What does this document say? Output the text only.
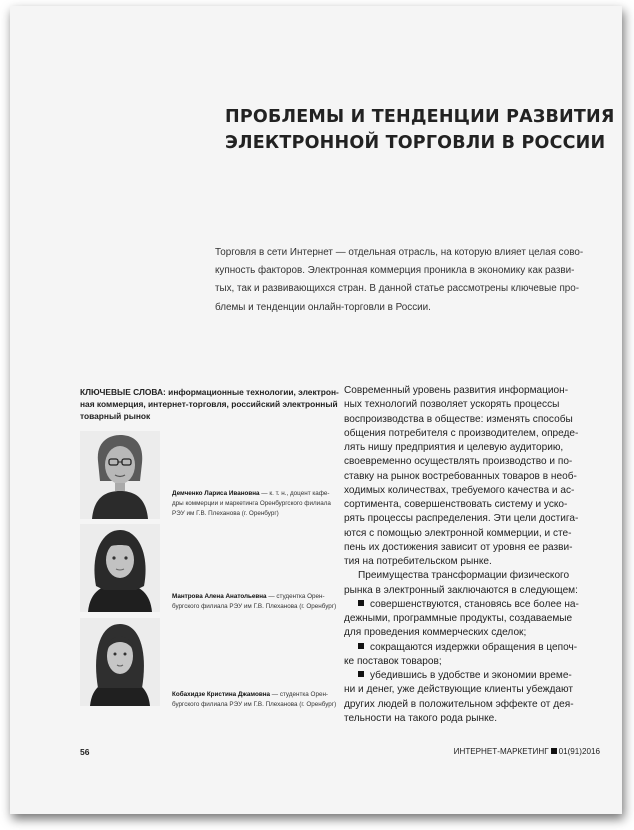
ПРОБЛЕМЫ И ТЕНДЕНЦИИ РАЗВИТИЯ
ЭЛЕКТРОННОЙ ТОРГОВЛИ В РОССИИ
Торговля в сети Интернет — отдельная отрасль, на которую влияет целая сово-
купность факторов. Электронная коммерция проникла в экономику как разви-
тых, так и развивающихся стран. В данной статье рассмотрены ключевые про-
блемы и тенденции онлайн-торговли в России.
КЛЮЧЕВЫЕ СЛОВА: информационные технологии, электрон-
ная коммерция, интернет-торговля, российский электронный
товарный рынок
Демченко Лариса Ивановна — к. т. н., доцент кафе-
дры коммерции и маркетинга Оренбургского филиала
РЭУ им Г.В. Плеханова (г. Оренбург)
Мантрова Алена Анатольевна — студентка Орен-
бургского филиала РЭУ им Г.В. Плеханова (г. Оренбург)
Кобахидзе Кристина Джамовна — студентка Орен-
бургского филиала РЭУ им Г.В. Плеханова (г. Оренбург)
Современный уровень развития информацион-
ных технологий позволяет ускорять процессы
воспроизводства в обществе: изменять способы
общения потребителя с производителем, опреде-
лять нишу предприятия и целевую аудиторию,
своевременно осуществлять производство и по-
ставку на рынок востребованных товаров в необ-
ходимых количествах, требуемого качества и ас-
сортимента, совершенствовать систему и уско-
рять процессы распределения. Эти цели достига-
ются с помощью электронной коммерции, и сте-
пень их достижения зависит от уровня ее разви-
тия на потребительском рынке.
Преимущества трансформации физического
рынка в электронный заключаются в следующем:
совершенствуются, становясь все более на-
дежными, программные продукты, создаваемые
для проведения коммерческих сделок;
сокращаются издержки обращения в цепоч-
ке поставок товаров;
убедившись в удобстве и экономии време-
ни и денег, уже действующие клиенты убеждают
других людей в положительном эффекте от дея-
тельности на такого рода рынке.
56	ИНТЕРНЕТ-МАРКЕТИНГ 01(91)2016
